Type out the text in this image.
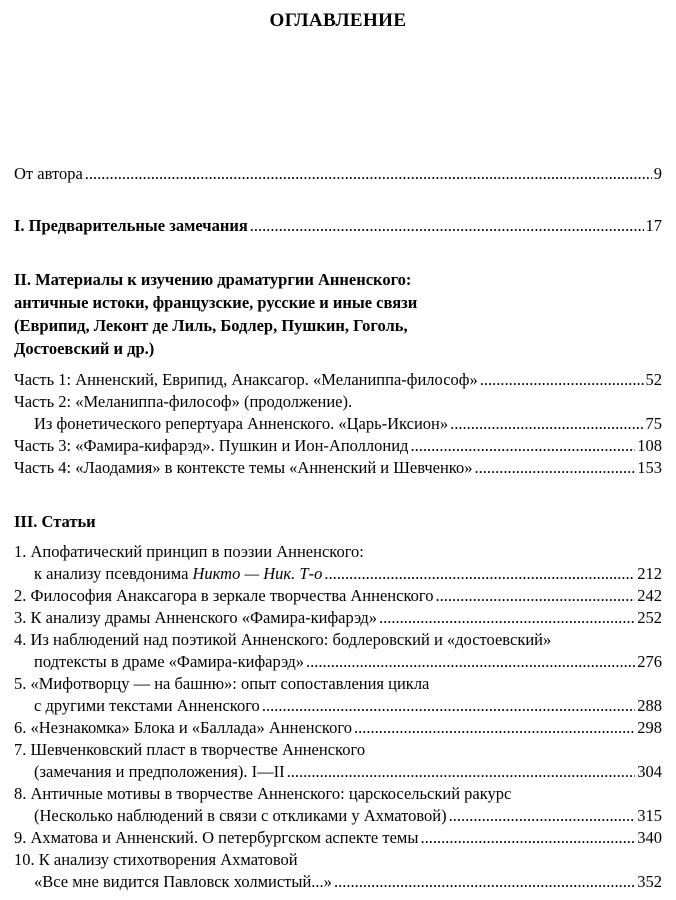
ОГЛАВЛЕНИЕ
От автора .....	9
I. Предварительные замечания .....	17
II. Материалы к изучению драматургии Анненского:
античные истоки, французские, русские и иные связи
(Еврипид, Леконт де Лиль, Бодлер, Пушкин, Гоголь,
Достоевский и др.)
Часть 1: Анненский, Еврипид, Анаксагор. «Меланиппа-философ» .....	52
Часть 2: «Меланиппа-философ» (продолжение).
Из фонетического репертуара Анненского. «Царь-Иксион» .....	75
Часть 3: «Фамира-кифарэд». Пушкин и Ион-Аполлонид .....	108
Часть 4: «Лаодамия» в контексте темы «Анненский и Шевченко» .....	153
III. Статьи
1. Апофатический принцип в поэзии Анненского:
к анализу псевдонима Никто — Ник. Т-о .....	212
2. Философия Анаксагора в зеркале творчества Анненского .....	242
3. К анализу драмы Анненского «Фамира-кифарэд» .....	252
4. Из наблюдений над поэтикой Анненского: бодлеровский и «достоевский»
подтексты в драме «Фамира-кифарэд» .....	276
5. «Мифотворцу — на башню»: опыт сопоставления цикла
с другими текстами Анненского .....	288
6. «Незнакомка» Блока и «Баллада» Анненского .....	298
7. Шевченковский пласт в творчестве Анненского
(замечания и предположения). I—II .....	304
8. Античные мотивы в творчестве Анненского: царскосельский ракурс
(Несколько наблюдений в связи с откликами у Ахматовой) .....	315
9. Ахматова и Анненский. О петербургском аспекте темы .....	340
10. К анализу стихотворения Ахматовой
«Все мне видится Павловск холмистый...» .....	352
